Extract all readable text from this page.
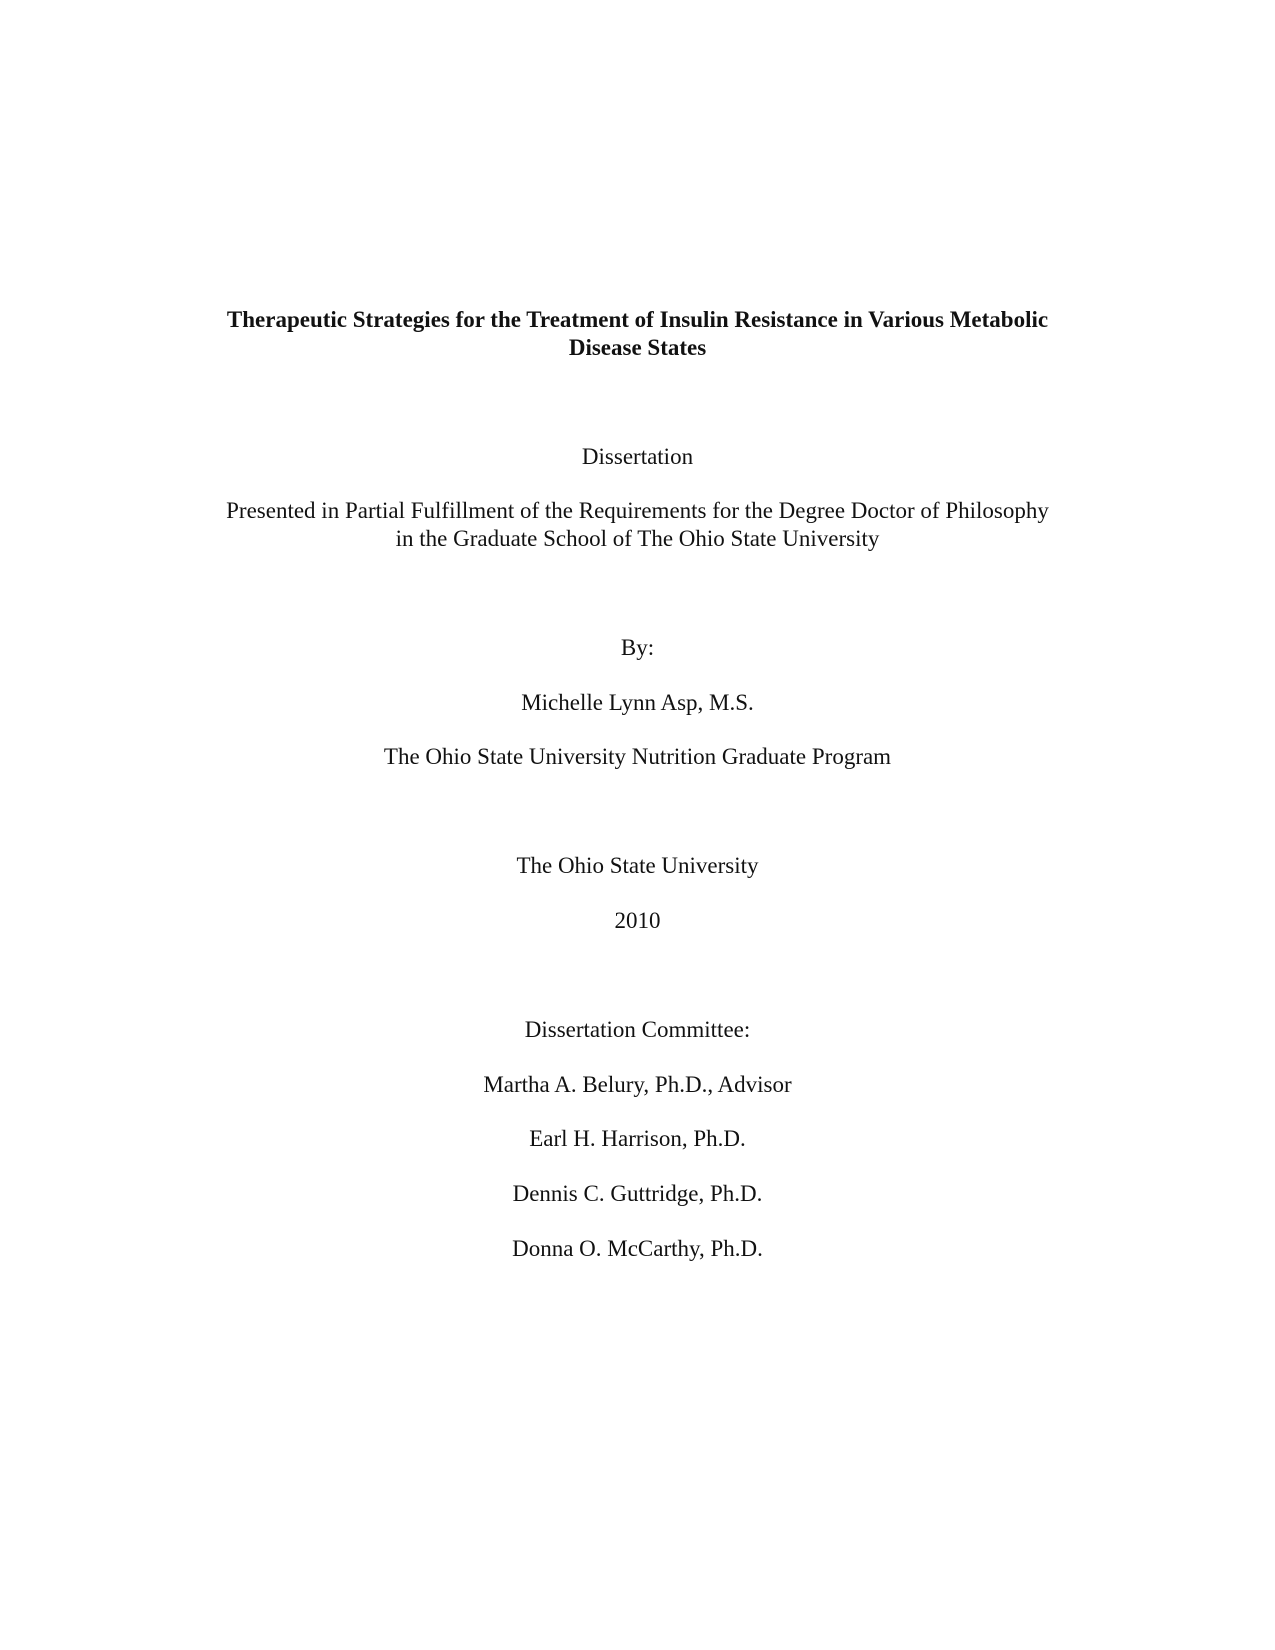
Therapeutic Strategies for the Treatment of Insulin Resistance in Various Metabolic
Disease States
Dissertation
Presented in Partial Fulfillment of the Requirements for the Degree Doctor of Philosophy
in the Graduate School of The Ohio State University
By:
Michelle Lynn Asp, M.S.
The Ohio State University Nutrition Graduate Program
The Ohio State University
2010
Dissertation Committee:
Martha A. Belury, Ph.D., Advisor
Earl H. Harrison, Ph.D.
Dennis C. Guttridge, Ph.D.
Donna O. McCarthy, Ph.D.
